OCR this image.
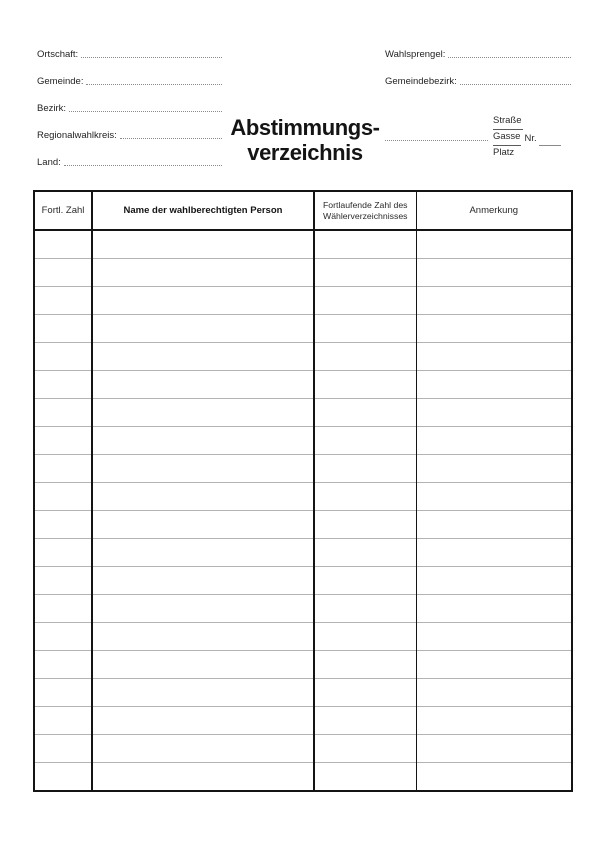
Ortschaft:
Gemeinde:
Bezirk:
Regionalwahlkreis:
Land:
Wahlsprengel:
Gemeindebezirk:
Abstimmungs-
verzeichnis
Straße
Gasse Nr.
Platz
Fortl. Zahl	Name der wahlberechtigten Person	Fortlaufende Zahl des Wählerverzeichnisses	Anmerkung
